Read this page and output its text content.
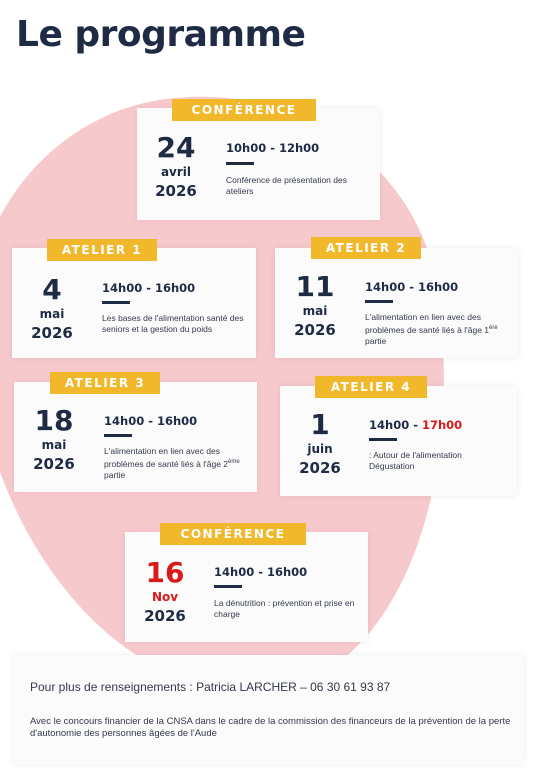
Le programme
CONFÉRENCE
24
avril
2026
10h00 - 12h00
Conférence de présentation des ateliers
ATELIER 1
4
mai
2026
14h00 - 16h00
Les bases de l'alimentation santé des seniors et la gestion du poids
ATELIER 2
11
mai
2026
14h00 - 16h00
L'alimentation en lien avec des problèmes de santé liés à l'âge 1ère partie
ATELIER 3
18
mai
2026
14h00 - 16h00
L'alimentation en lien avec des problèmes de santé liés à l'âge 2ème partie
ATELIER 4
1
juin
2026
14h00 - 17h00
: Autour de l'alimentation Dégustation
CONFÉRENCE
16
Nov
2026
14h00 - 16h00
La dénutrition : prévention et prise en charge
Pour plus de renseignements : Patricia LARCHER – 06 30 61 93 87
Avec le concours financier de la CNSA dans le cadre de la commission des financeurs de la prévention de la perte d'autonomie des personnes âgées de l'Aude
